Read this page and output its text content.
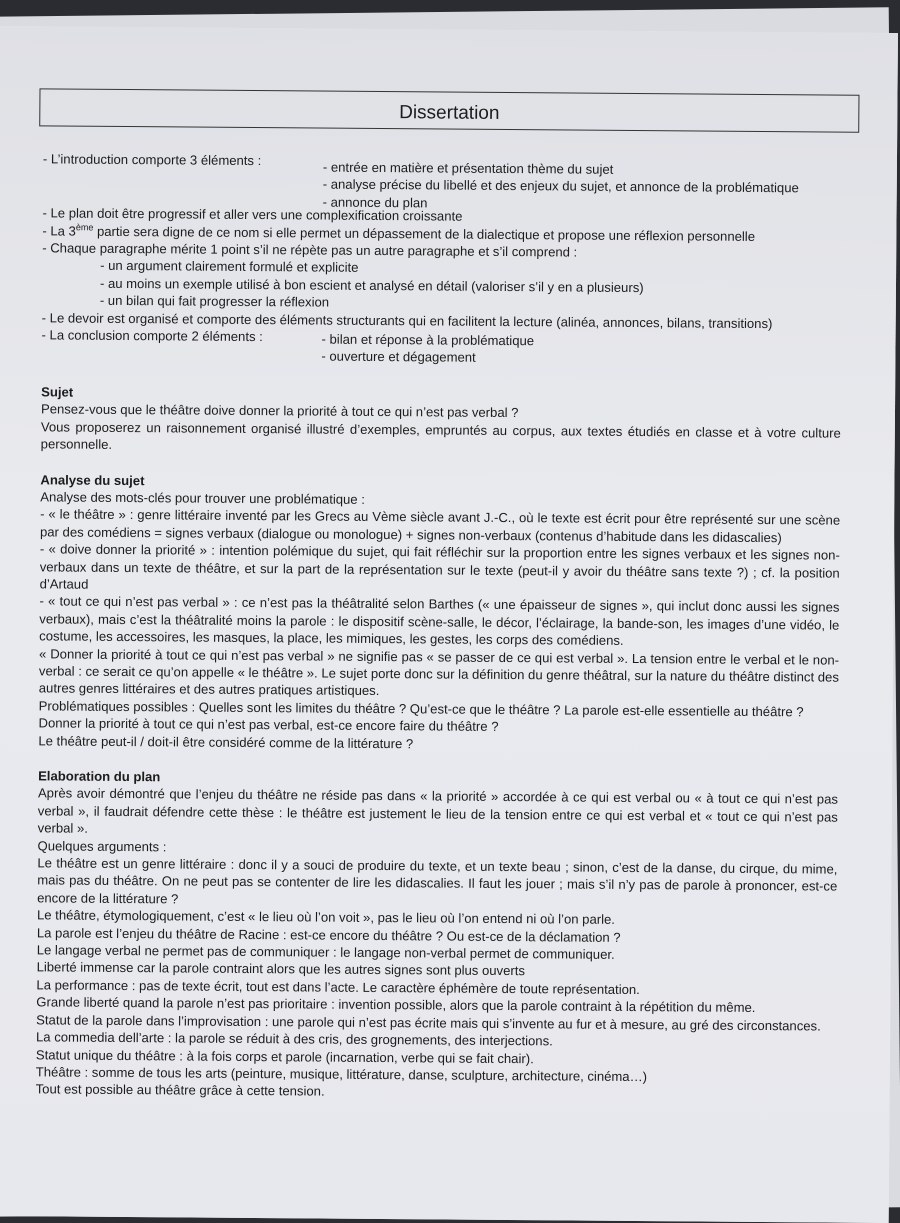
Dissertation
- L’introduction comporte 3 éléments :	- entrée en matière et présentation thème du sujet
- analyse précise du libellé et des enjeux du sujet, et annonce de la problématique
- annonce du plan
- Le plan doit être progressif et aller vers une complexification croissante
- La 3ème partie sera digne de ce nom si elle permet un dépassement de la dialectique et propose une réflexion personnelle
- Chaque paragraphe mérite 1 point s’il ne répète pas un autre paragraphe et s’il comprend :
- un argument clairement formulé et explicite
- au moins un exemple utilisé à bon escient et analysé en détail (valoriser s’il y en a plusieurs)
- un bilan qui fait progresser la réflexion
- Le devoir est organisé et comporte des éléments structurants qui en facilitent la lecture (alinéa, annonces, bilans, transitions)
- La conclusion comporte 2 éléments :	- bilan et réponse à la problématique
- ouverture et dégagement
Sujet
Pensez-vous que le théâtre doive donner la priorité à tout ce qui n’est pas verbal ?
Vous proposerez un raisonnement organisé illustré d’exemples, empruntés au corpus, aux textes étudiés en classe et à votre culture personnelle.
Analyse du sujet
Analyse des mots-clés pour trouver une problématique :
- « le théâtre » : genre littéraire inventé par les Grecs au Vème siècle avant J.-C., où le texte est écrit pour être représenté sur une scène par des comédiens = signes verbaux (dialogue ou monologue) + signes non-verbaux (contenus d’habitude dans les didascalies)
- « doive donner la priorité » : intention polémique du sujet, qui fait réfléchir sur la proportion entre les signes verbaux et les signes non-verbaux dans un texte de théâtre, et sur la part de la représentation sur le texte (peut-il y avoir du théâtre sans texte ?) ; cf. la position d’Artaud
- « tout ce qui n’est pas verbal » : ce n’est pas la théâtralité selon Barthes (« une épaisseur de signes », qui inclut donc aussi les signes verbaux), mais c’est la théâtralité moins la parole : le dispositif scène-salle, le décor, l’éclairage, la bande-son, les images d’une vidéo, le costume, les accessoires, les masques, la place, les mimiques, les gestes, les corps des comédiens.
« Donner la priorité à tout ce qui n’est pas verbal » ne signifie pas « se passer de ce qui est verbal ». La tension entre le verbal et le non-verbal : ce serait ce qu’on appelle « le théâtre ». Le sujet porte donc sur la définition du genre théâtral, sur la nature du théâtre distinct des autres genres littéraires et des autres pratiques artistiques.
Problématiques possibles : Quelles sont les limites du théâtre ? Qu’est-ce que le théâtre ? La parole est-elle essentielle au théâtre ?
Donner la priorité à tout ce qui n’est pas verbal, est-ce encore faire du théâtre ?
Le théâtre peut-il / doit-il être considéré comme de la littérature ?
Elaboration du plan
Après avoir démontré que l’enjeu du théâtre ne réside pas dans « la priorité » accordée à ce qui est verbal ou « à tout ce qui n’est pas verbal », il faudrait défendre cette thèse : le théâtre est justement le lieu de la tension entre ce qui est verbal et « tout ce qui n’est pas verbal ».
Quelques arguments :
Le théâtre est un genre littéraire : donc il y a souci de produire du texte, et un texte beau ; sinon, c’est de la danse, du cirque, du mime, mais pas du théâtre. On ne peut pas se contenter de lire les didascalies. Il faut les jouer ; mais s’il n’y pas de parole à prononcer, est-ce encore de la littérature ?
Le théâtre, étymologiquement, c’est « le lieu où l’on voit », pas le lieu où l’on entend ni où l’on parle.
La parole est l’enjeu du théâtre de Racine : est-ce encore du théâtre ? Ou est-ce de la déclamation ?
Le langage verbal ne permet pas de communiquer : le langage non-verbal permet de communiquer.
Liberté immense car la parole contraint alors que les autres signes sont plus ouverts
La performance : pas de texte écrit, tout est dans l’acte. Le caractère éphémère de toute représentation.
Grande liberté quand la parole n’est pas prioritaire : invention possible, alors que la parole contraint à la répétition du même.
Statut de la parole dans l’improvisation : une parole qui n’est pas écrite mais qui s’invente au fur et à mesure, au gré des circonstances.
La commedia dell’arte : la parole se réduit à des cris, des grognements, des interjections.
Statut unique du théâtre : à la fois corps et parole (incarnation, verbe qui se fait chair).
Théâtre : somme de tous les arts (peinture, musique, littérature, danse, sculpture, architecture, cinéma…)
Tout est possible au théâtre grâce à cette tension.
